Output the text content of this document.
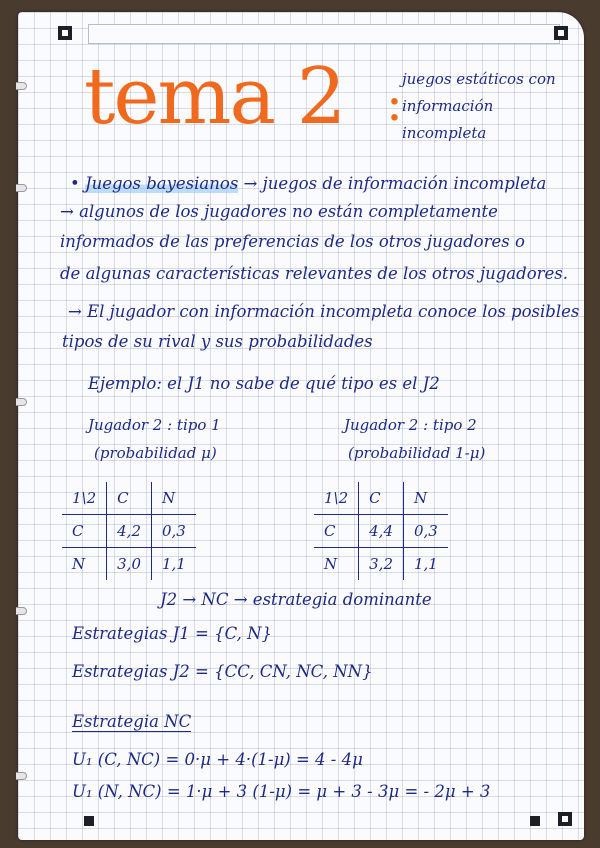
tema 2 : juegos estáticos con
información
incompleta
• Juegos bayesianos → juegos de información incompleta
→ algunos de los jugadores no están completamente
informados de las preferencias de los otros jugadores o
de algunas características relevantes de los otros jugadores.
→ El jugador con información incompleta conoce los posibles
tipos de su rival y sus probabilidades
Ejemplo: el J1 no sabe de qué tipo es el J2
Jugador 2 : tipo 1
(probabilidad μ)
Jugador 2 : tipo 2
(probabilidad 1-μ)
1\2	C	N
C	4,2	0,3
N	3,0	1,1
1\2	C	N
C	4,4	0,3
N	3,2	1,1
J2 → NC → estrategia dominante
Estrategias J1 = {C, N}
Estrategias J2 = {CC, CN, NC, NN}
Estrategia NC
U₁ (C, NC) = 0·μ + 4·(1-μ) = 4 - 4μ
U₁ (N, NC) = 1·μ + 3 (1-μ) = μ + 3 - 3μ = - 2μ + 3
